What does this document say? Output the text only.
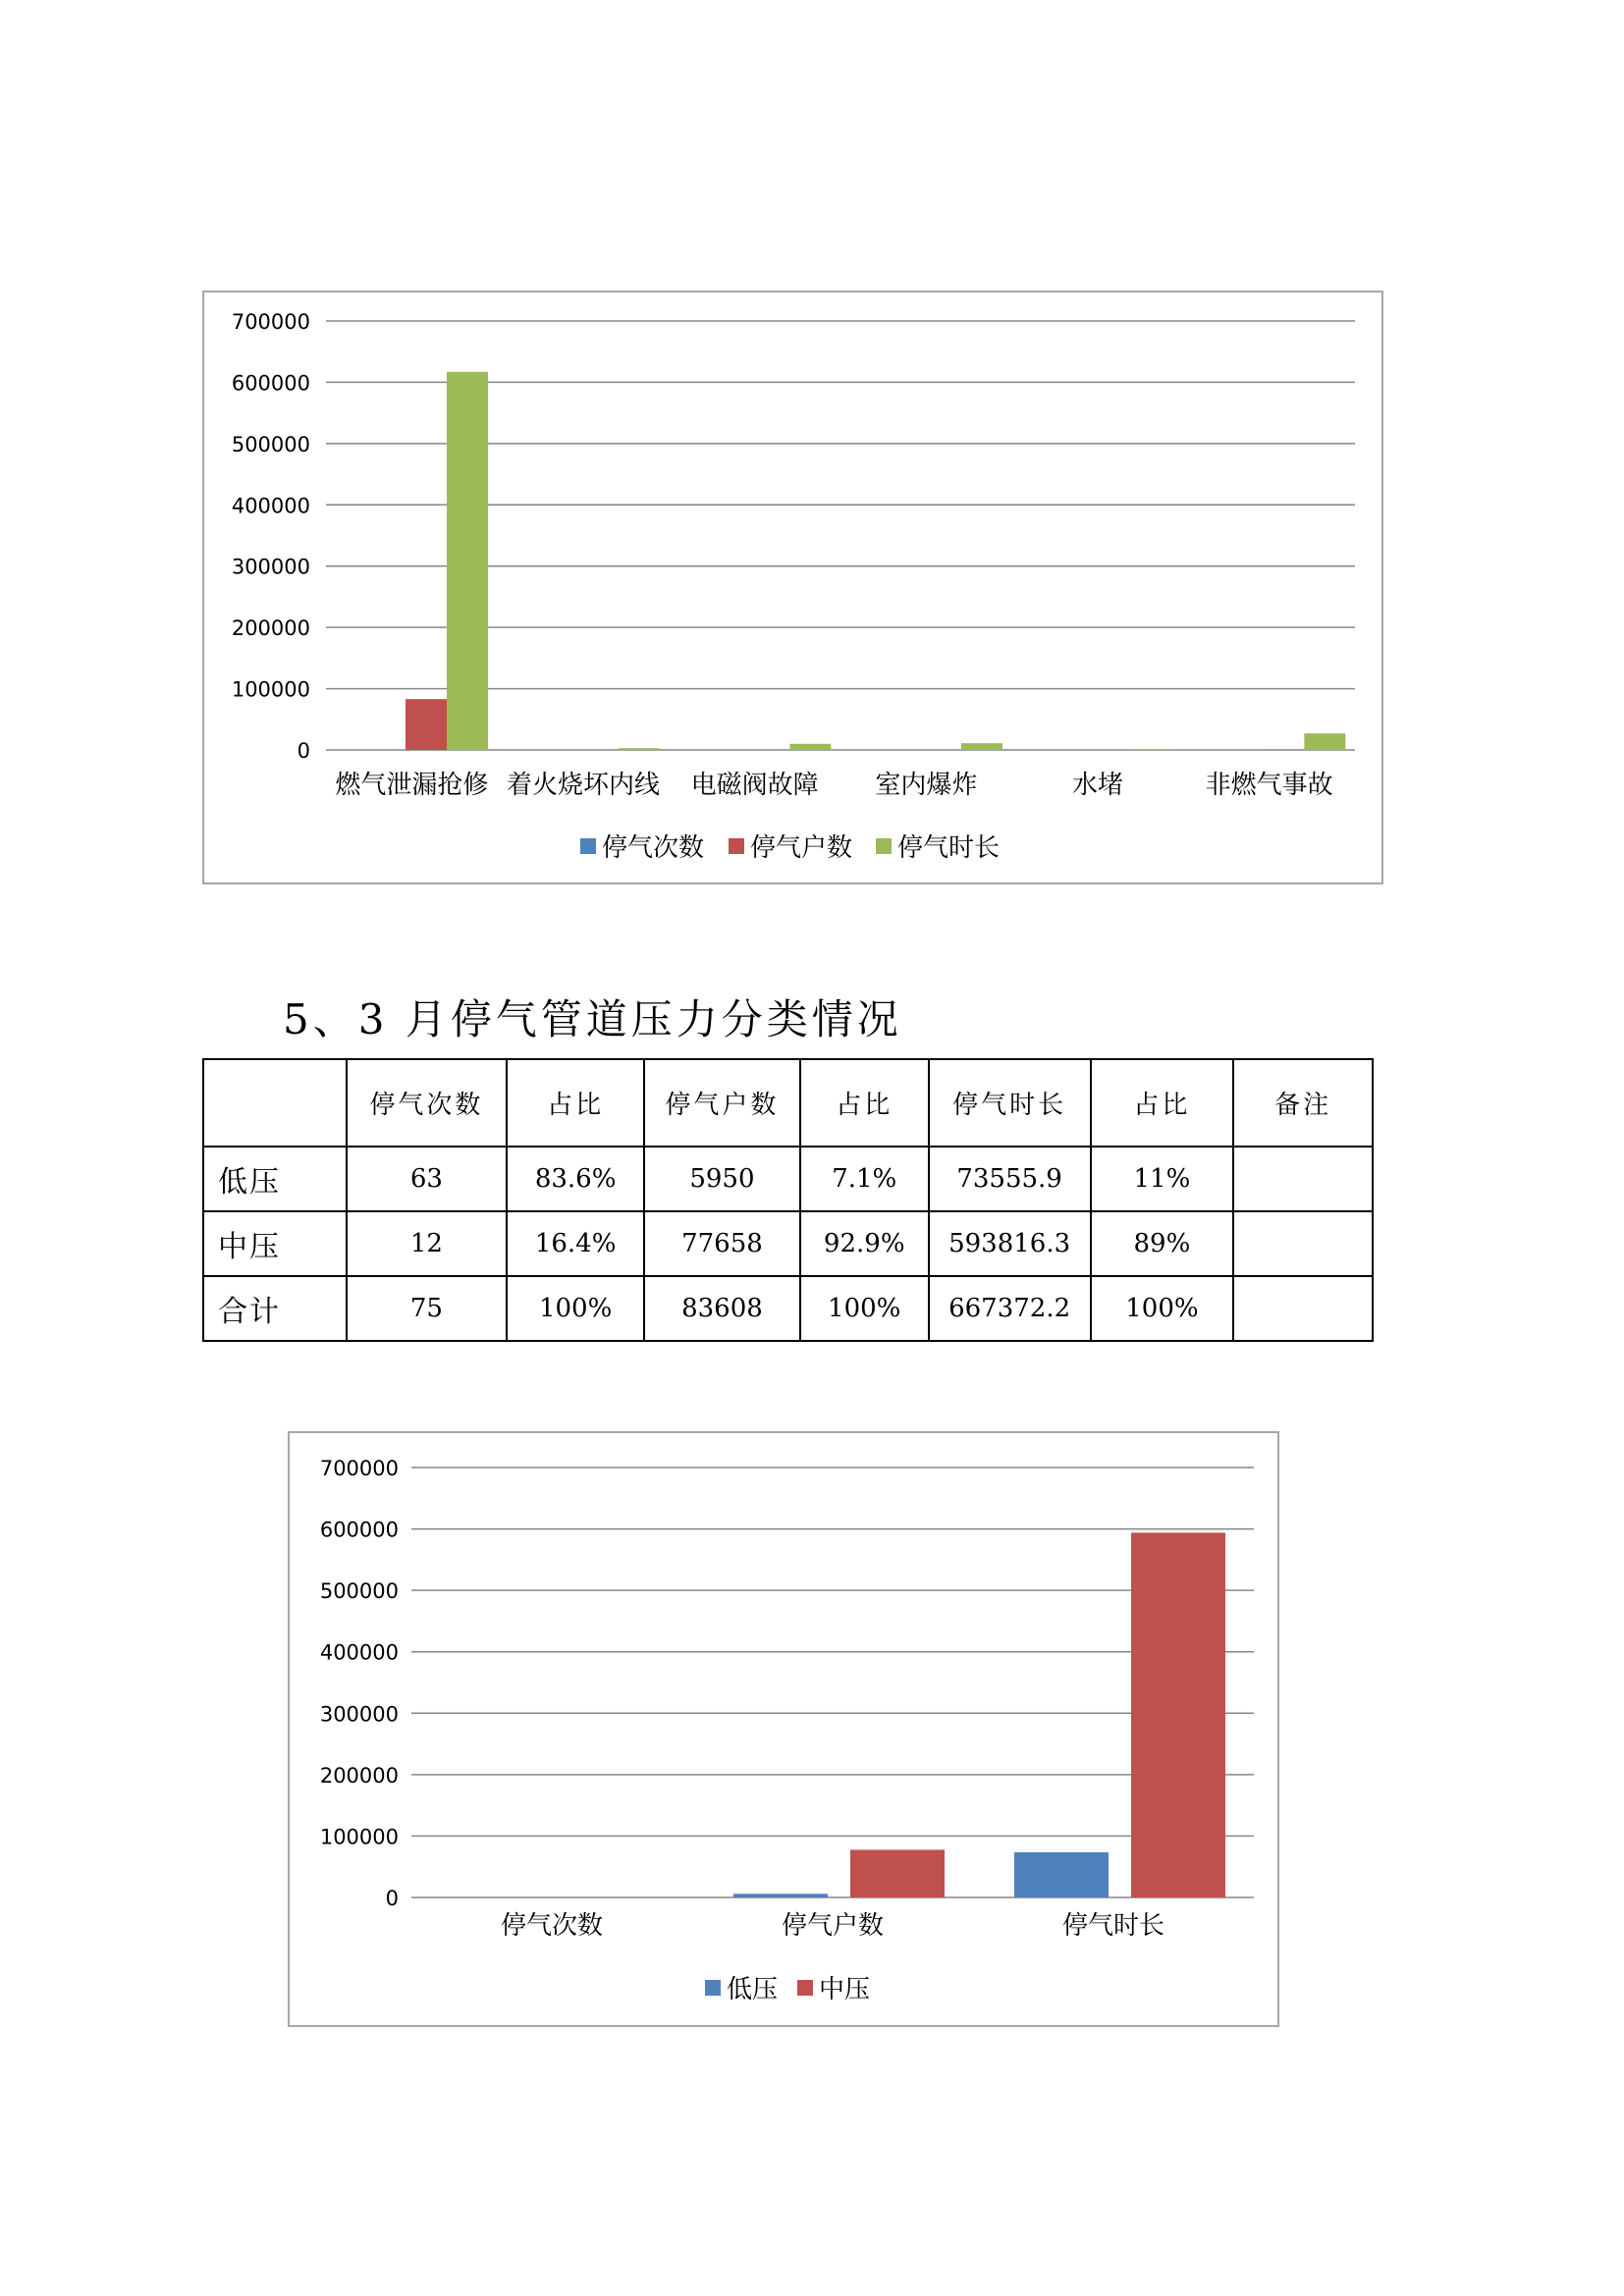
0
100000
200000
300000
400000
500000
600000
700000
燃气泄漏抢修 着火烧坏内线 电磁阀故障 室内爆炸	水堵	非燃气事故
停气次数 停气户数 停气时长
5、3 月停气管道压力分类情况
	停气次数	占比	停气户数	占比	停气时长	占比	备注
低压	63	83.6%	5950	7.1%	73555.9	11%	
中压	12	16.4%	77658	92.9%	593816.3	89%	
合计	75	100%	83608	100%	667372.2	100%	
0
100000
200000
300000
400000
500000
600000
700000
停气次数	停气户数	停气时长
低压 中压
